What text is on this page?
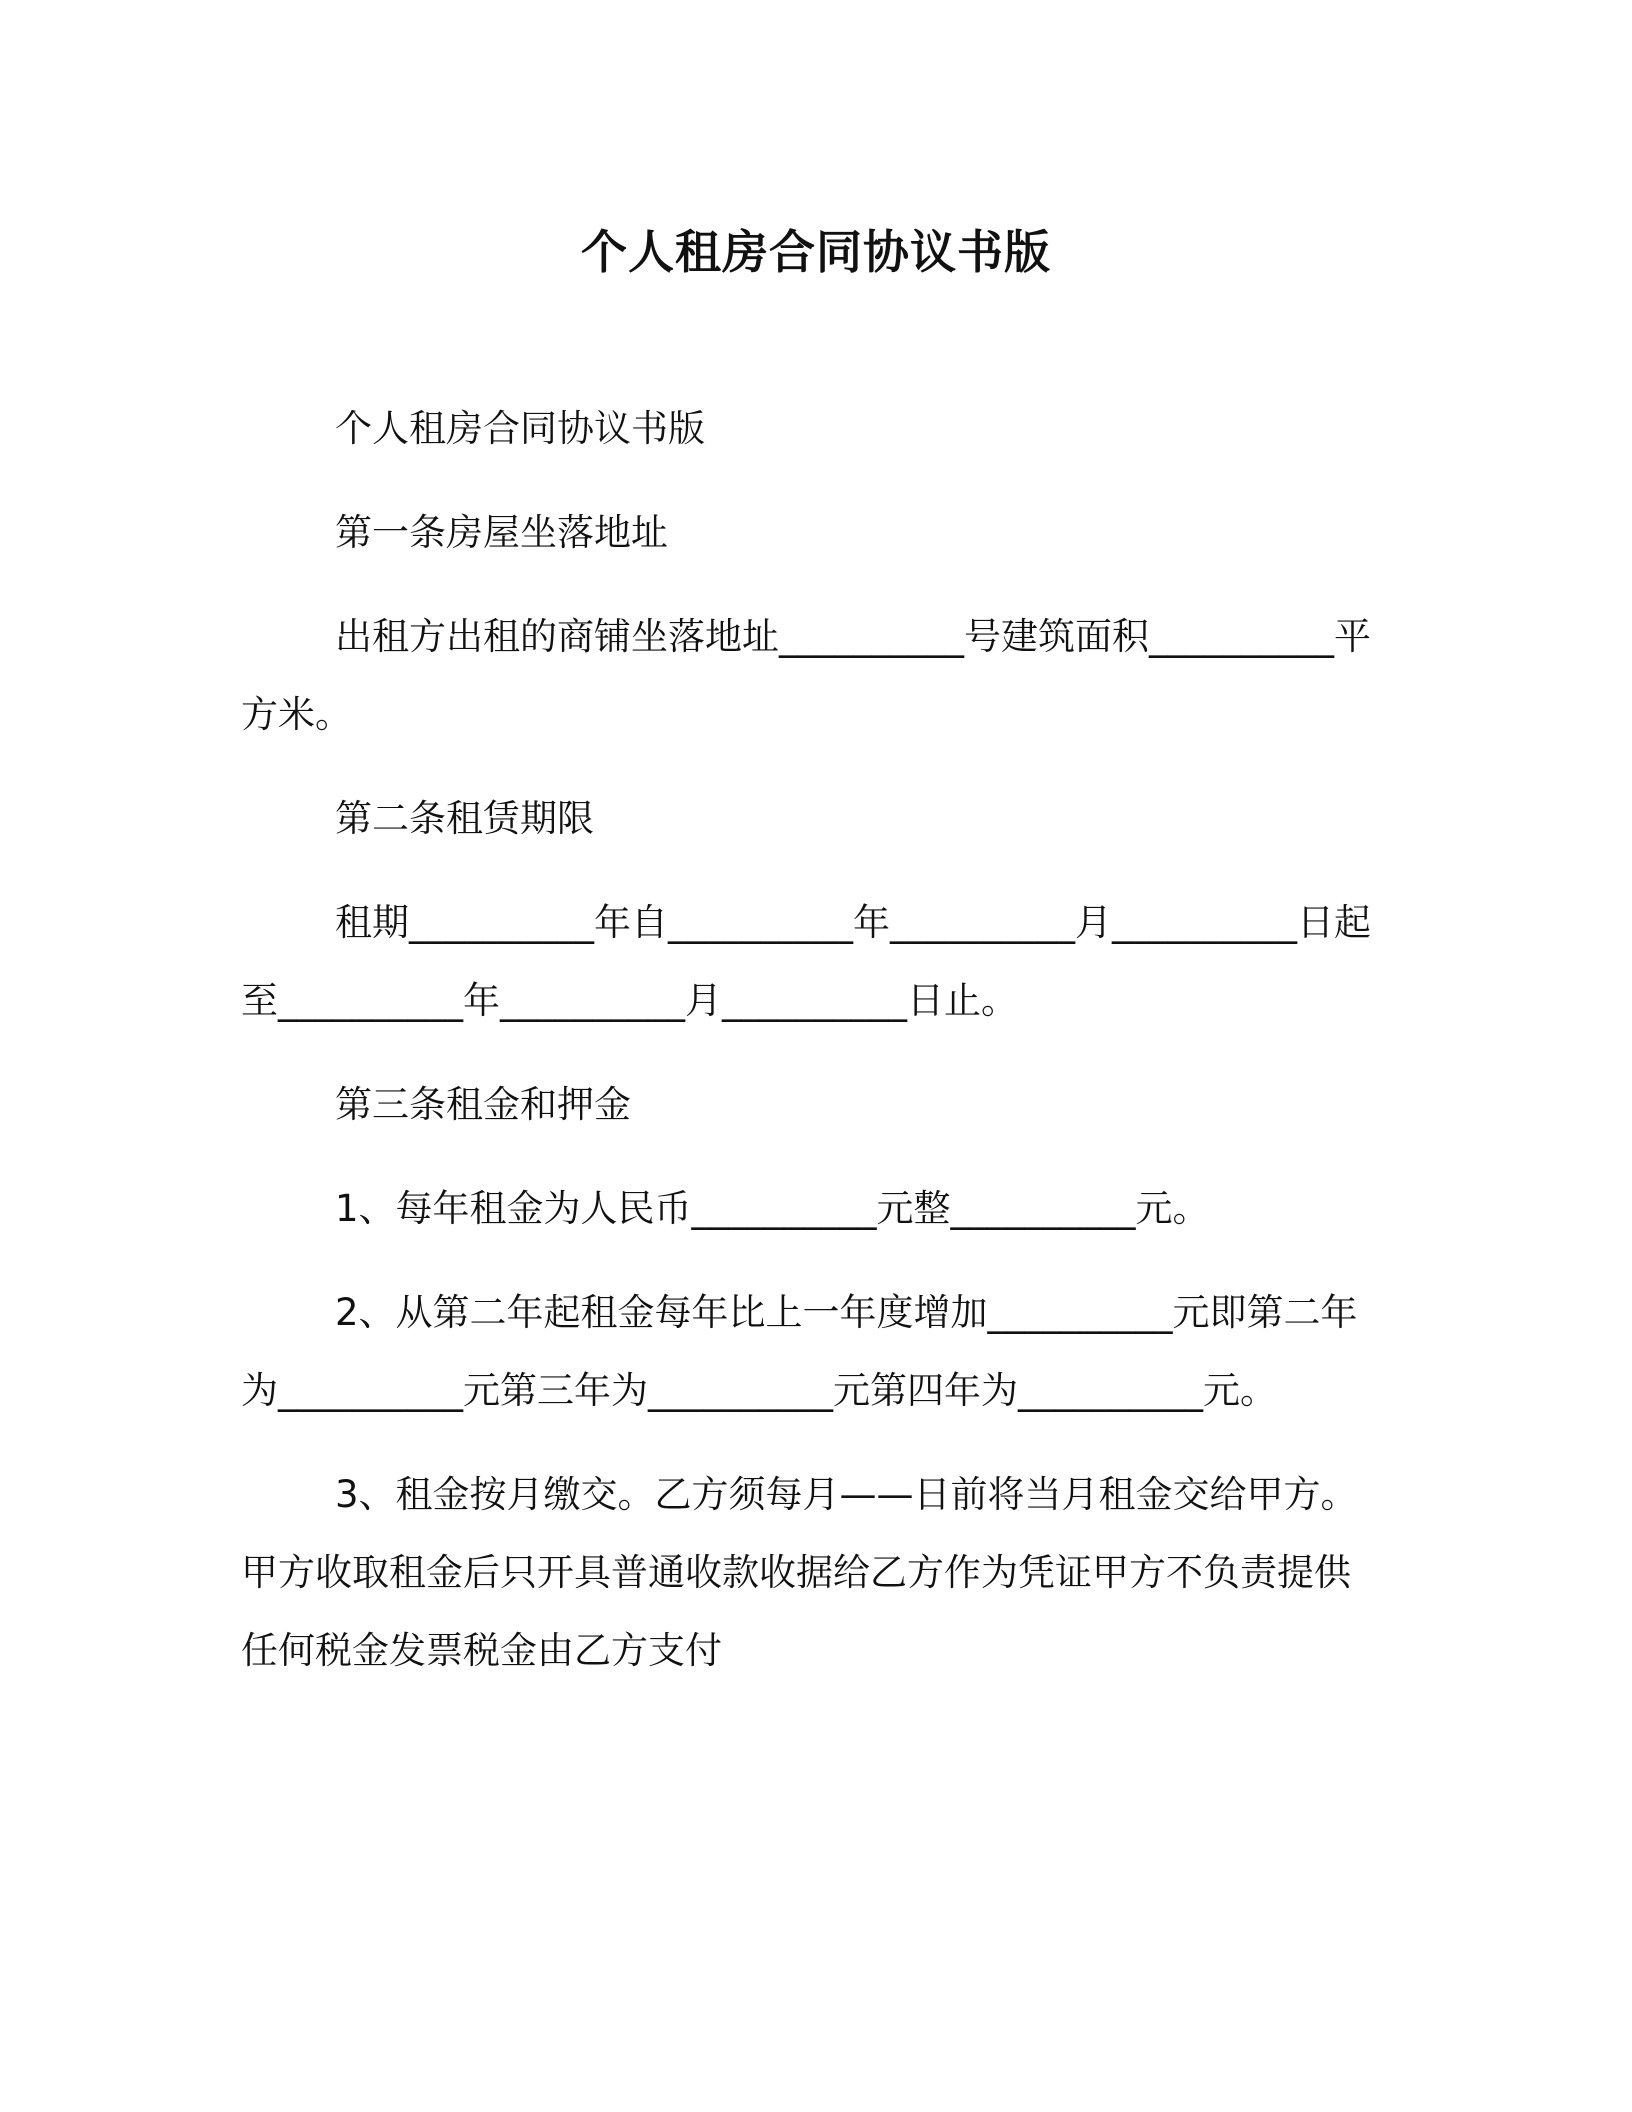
个人租房合同协议书版

个人租房合同协议书版

第一条房屋坐落地址

出租方出租的商铺坐落地址__________号建筑面积__________平方米。

第二条租赁期限

租期__________年自__________年__________月__________日起至__________年__________月__________日止。

第三条租金和押金

1、每年租金为人民币__________元整__________元。

2、从第二年起租金每年比上一年度增加__________元即第二年为__________元第三年为__________元第四年为__________元。

3、租金按月缴交。乙方须每月——日前将当月租金交给甲方。甲方收取租金后只开具普通收款收据给乙方作为凭证甲方不负责提供任何税金发票税金由乙方支付
